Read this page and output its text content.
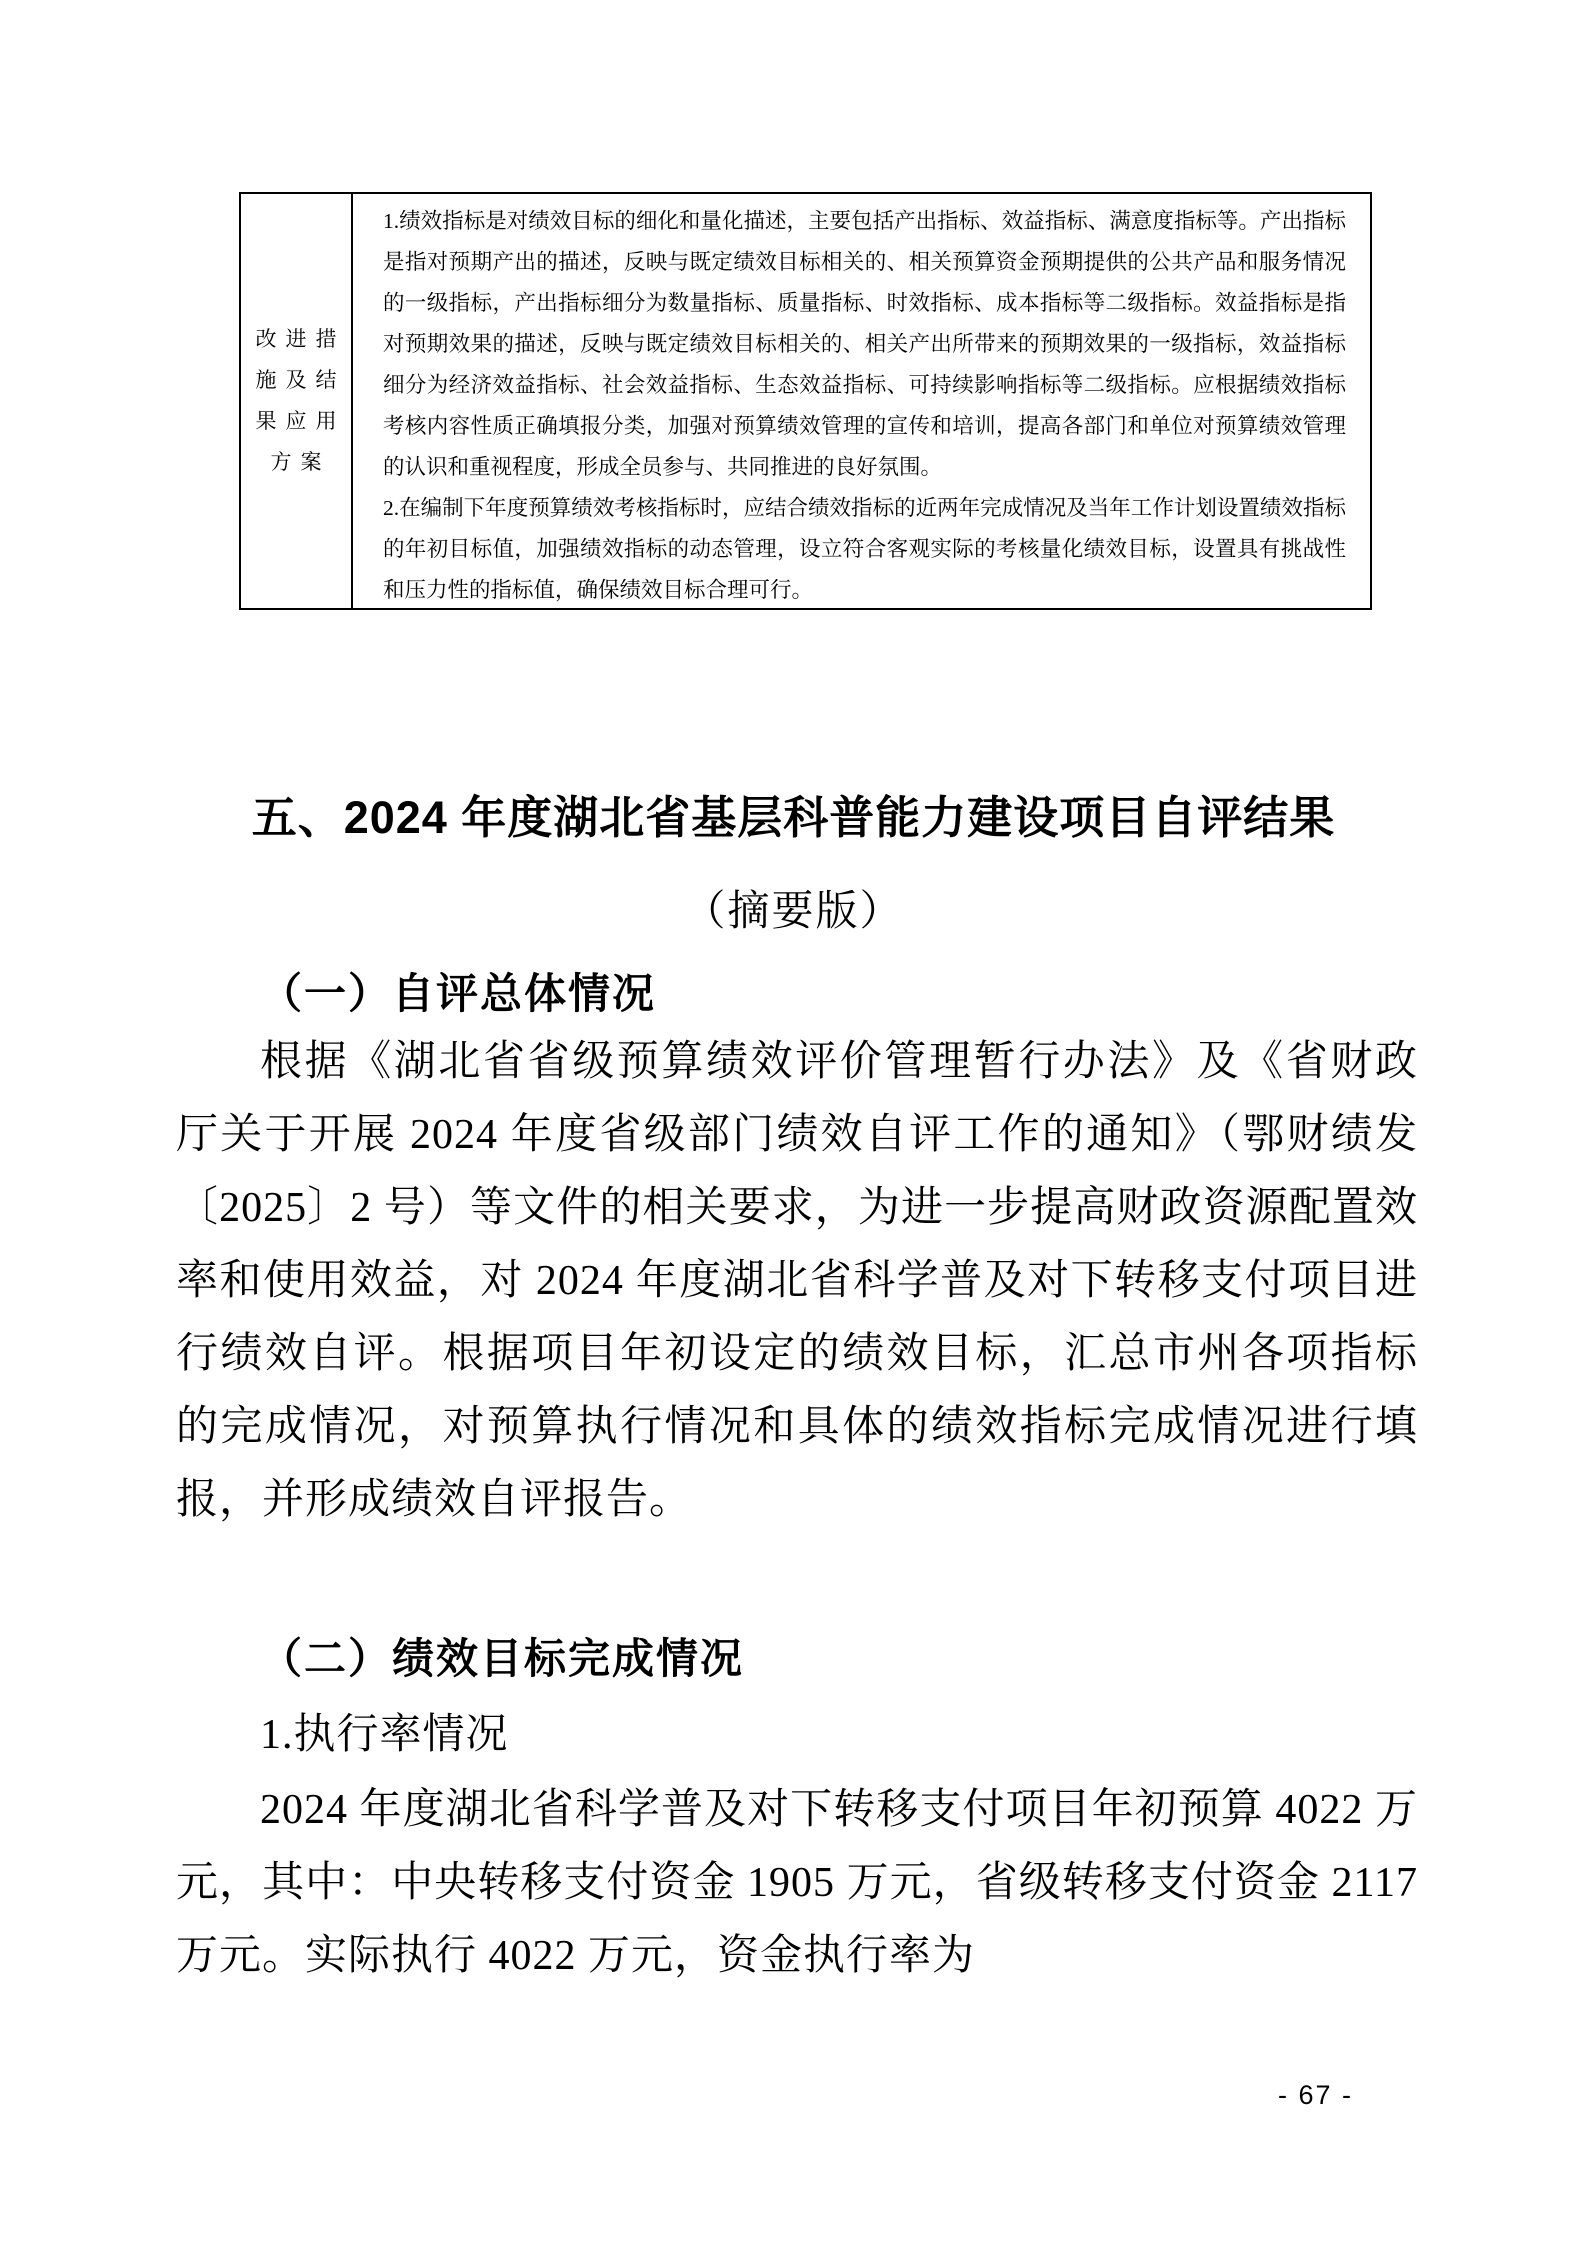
改进措
施及结
果应用
方案

1.绩效指标是对绩效目标的细化和量化描述，主要包括产出指标、效益指标、满意度指标等。产出指标是指对预期产出的描述，反映与既定绩效目标相关的、相关预算资金预期提供的公共产品和服务情况的一级指标，产出指标细分为数量指标、质量指标、时效指标、成本指标等二级指标。效益指标是指对预期效果的描述，反映与既定绩效目标相关的、相关产出所带来的预期效果的一级指标，效益指标细分为经济效益指标、社会效益指标、生态效益指标、可持续影响指标等二级指标。应根据绩效指标考核内容性质正确填报分类，加强对预算绩效管理的宣传和培训，提高各部门和单位对预算绩效管理的认识和重视程度，形成全员参与、共同推进的良好氛围。

2.在编制下年度预算绩效考核指标时，应结合绩效指标的近两年完成情况及当年工作计划设置绩效指标的年初目标值，加强绩效指标的动态管理，设立符合客观实际的考核量化绩效目标，设置具有挑战性和压力性的指标值，确保绩效目标合理可行。

五、2024 年度湖北省基层科普能力建设项目自评结果
（摘要版）
（一）自评总体情况
根据《湖北省省级预算绩效评价管理暂行办法》及《省财政厅关于开展 2024 年度省级部门绩效自评工作的通知》（鄂财绩发〔2025〕2 号）等文件的相关要求，为进一步提高财政资源配置效率和使用效益，对 2024 年度湖北省科学普及对下转移支付项目进行绩效自评。根据项目年初设定的绩效目标，汇总市州各项指标的完成情况，对预算执行情况和具体的绩效指标完成情况进行填报，并形成绩效自评报告。
（二）绩效目标完成情况
1.执行率情况
2024 年度湖北省科学普及对下转移支付项目年初预算 4022 万元，其中：中央转移支付资金 1905 万元，省级转移支付资金 2117 万元。实际执行 4022 万元，资金执行率为
- 67 -
